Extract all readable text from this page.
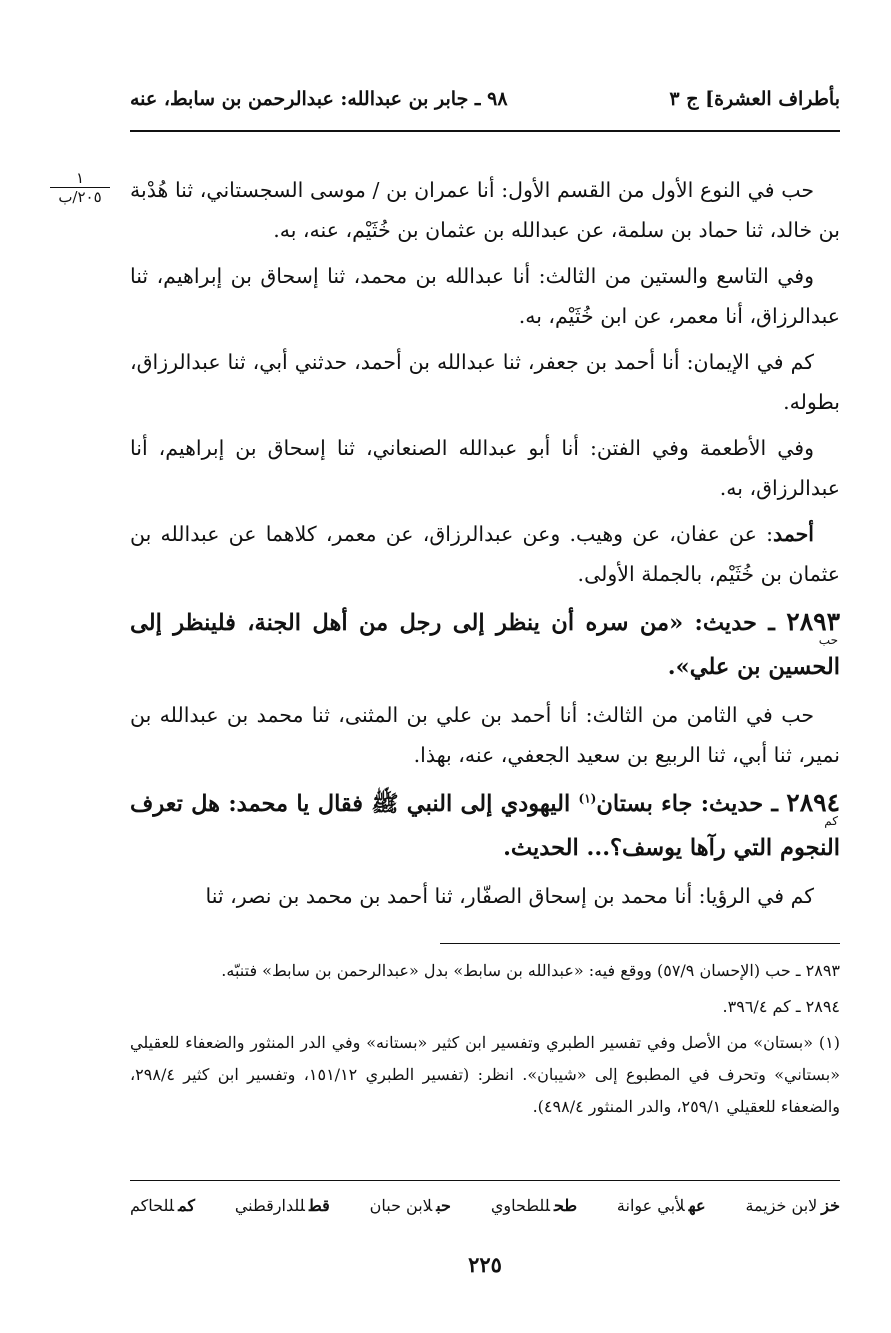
بأطراف العشرة] ج ٣
٩٨ ـ جابر بن عبدالله: عبدالرحمن بن سابط، عنه
١
٢٠٥/ب	حب في النوع الأول من القسم الأول: أنا عمران بن / موسى السجستاني، ثنا هُدْبة بن خالد، ثنا حماد بن سلمة، عن عبدالله بن عثمان بن خُثَيْم، عنه، به.

وفي التاسع والستين من الثالث: أنا عبدالله بن محمد، ثنا إسحاق بن إبراهيم، ثنا عبدالرزاق، أنا معمر، عن ابن خُثَيْم، به.

كم في الإيمان: أنا أحمد بن جعفر، ثنا عبدالله بن أحمد، حدثني أبي، ثنا عبدالرزاق، بطوله.

وفي الأطعمة وفي الفتن: أنا أبو عبدالله الصنعاني، ثنا إسحاق بن إبراهيم، أنا عبدالرزاق، به.

أحمد: عن عفان، عن وهيب. وعن عبدالرزاق، عن معمر، كلاهما عن عبدالله بن عثمان بن خُثَيْم، بالجملة الأولى.

حب
٢٨٩٣ ـ حديث: «من سره أن ينظر إلى رجل من أهل الجنة، فلينظر إلى الحسين بن علي».

حب في الثامن من الثالث: أنا أحمد بن علي بن المثنى، ثنا محمد بن عبدالله بن نمير، ثنا أبي، ثنا الربيع بن سعيد الجعفي، عنه، بهذا.

كم
٢٨٩٤ ـ حديث: جاء بستان$^{(١)}$ اليهودي إلى النبي ﷺ فقال يا محمد: هل تعرف النجوم التي رآها يوسف؟... الحديث.

كم في الرؤيا: أنا محمد بن إسحاق الصفّار، ثنا أحمد بن محمد بن نصر، ثنا

٢٨٩٣ ـ حب (الإحسان ٥٧/٩) ووقع فيه: «عبدالله بن سابط» بدل «عبدالرحمن بن سابط» فتنبّه.

٢٨٩٤ ـ كم ٣٩٦/٤.

(١) «بستان» من الأصل وفي تفسير الطبري وتفسير ابن كثير «بستانه» وفي الدر المنثور والضعفاء للعقيلي «بستاني» وتحرف في المطبوع إلى «شيبان». انظر: (تفسير الطبري ١٥١/١٢، وتفسير ابن كثير ٢٩٨/٤، والضعفاء للعقيلي ٢٥٩/١، والدر المنثور ٤٩٨/٤).

خزلابن خزيمة
عهلأبي عوانة
طحللطحاوي
حبلابن حبان
قطللدارقطني
كمللحاكم
٢٢٥
